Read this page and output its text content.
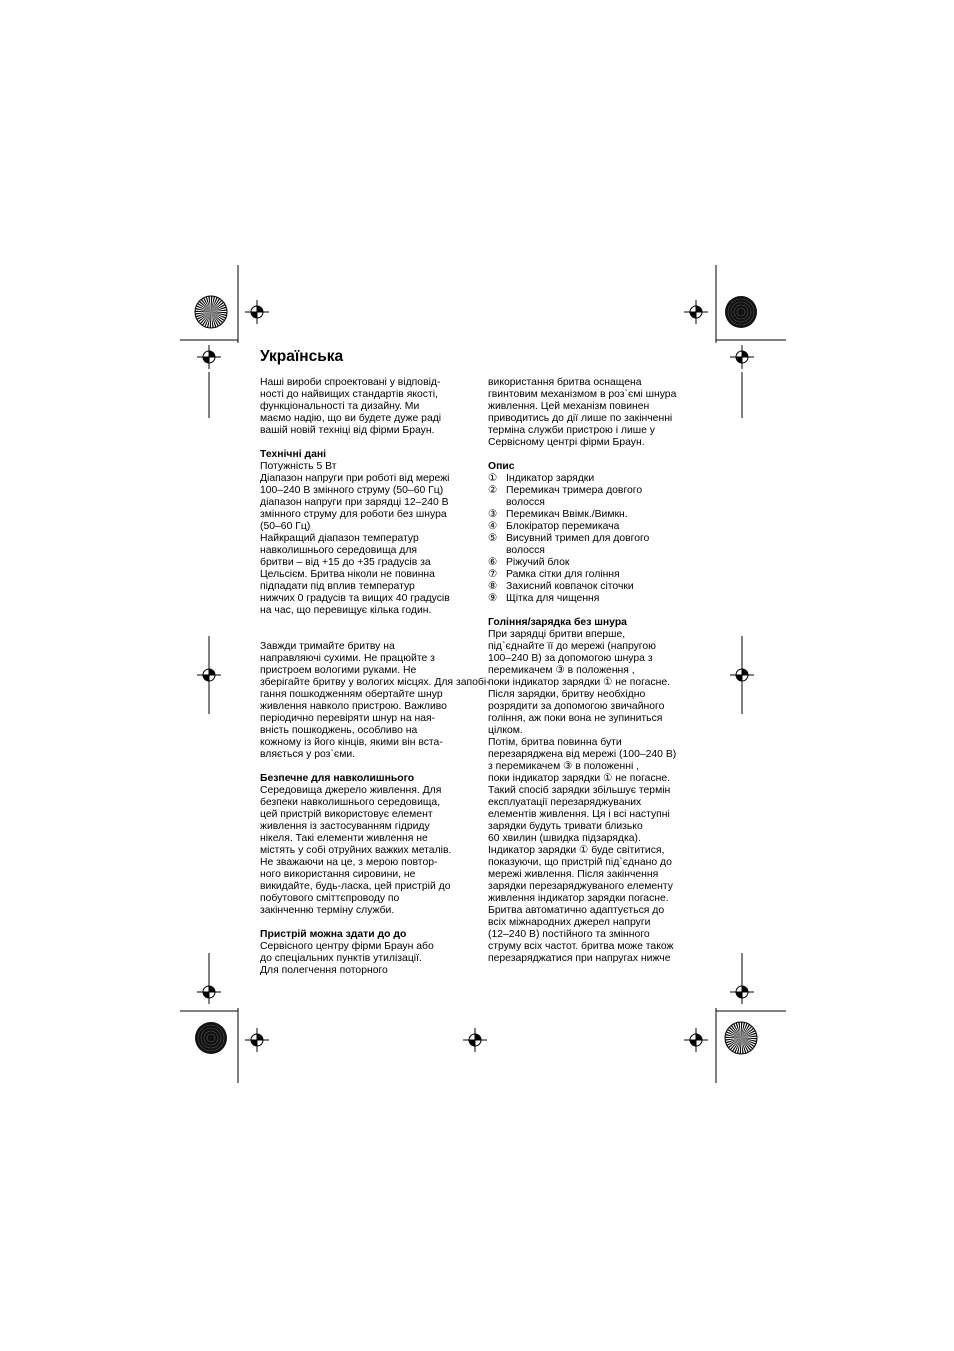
Українська
Наші вироби спроектовані у відповід-
ності до найвищих стандартів якості,
функціональності та дизайну. Ми
маємо надію, що ви будете дуже раді
вашій новій техніці від фірми Браун.
Технічні дані
Потужність 5 Вт
Діапазон напруги при роботі від мережі
100–240 В змінного струму (50–60 Гц)
діапазон напруги при зарядці 12–240 В
змінного струму для роботи без шнура
(50–60 Гц)
Найкращий діапазон температур
навколишнього середовища для
бритви – від +15 до +35 градусів за
Цельсієм. Бритва ніколи не повинна
підпадати під вплив температур
нижчих 0 градусів та вищих 40 градусів
на час, що перевищує кілька годин.
Завжди тримайте бритву на
направляючі сухими. Не працюйте з
пристроем вологими руками. Не
зберігайте бритву у вологих місцях. Для запобі-
гання пошкодженням обертайте шнур
живлення навколо пристрою. Важливо
періодично перевіряти шнур на ная-
вність пошкоджень, особливо на
кожному із його кінців, якими він вста-
вляється у роз`єми.
Безпечне для навколишнього
Середовища джерело живлення. Для
безпеки навколишнього середовища,
цей пристрій використовує елемент
живлення із застосуванням гідриду
нікеля. Такі елементи живлення не
містять у собі отруйних важких металів.
Не зважаючи на це, з мерою повтор-
ного використання сировини, не
викидайте, будь-ласка, цей пристрій до
побутового сміттєпроводу по
закінченню терміну служби.
Пристрій можна здати до до
Сервісного центру фірми Браун або
до спеціальних пунктів утилізації.
Для полегчення поторного
використання бритва оснащена
гвинтовим механізмом в роз`ємі шнура
живлення. Цей механізм повинен
приводитись до дії лише по закінченні
терміна служби пристрою і лише у
Сервісному центрі фірми Браун.
Опис
① Індикатор зарядки
② Перемикач тримера довгого
волосся
③ Перемикач Ввімк./Вимкн.
④ Блокіратор перемикача
⑤ Висувний тримеп для довгого
волосся
⑥ Ріжучий блок
⑦ Рамка сітки для гоління
⑧ Захисний ковпачок сіточки
⑨ Щітка для чищення
Гоління/зарядка без шнура
При зарядці бритви вперше,
під`єднайте її до мережі (напругою
100–240 В) за допомогою шнура з
перемикачем ③ в положення ,
поки індикатор зарядки ① не погасне.
Після зарядки, бритву необхідно
розрядити за допомогою звичайного
гоління, аж поки вона не зупиниться
цілком.
Потім, бритва повинна бути
перезаряджена від мережі (100–240 В)
з перемикачем ③ в положенні ,
поки індикатор зарядки ① не погасне.
Такий спосіб зарядки збільшує термін
експлуатації перезаряджуваних
елементів живлення. Ця і всі наступні
зарядки будуть тривати близько
60 хвилин (швидка підзарядка).
Індикатор зарядки ① буде світитися,
показуючи, що пристрій під`єднано до
мережі живлення. Після закінчення
зарядки перезаряджуваного елементу
живлення індикатор зарядки погасне.
Бритва автоматично адаптується до
всіх міжнародних джерел напруги
(12–240 В) постійного та змінного
струму всіх частот. бритва може також
перезаряджатися при напругах нижче
